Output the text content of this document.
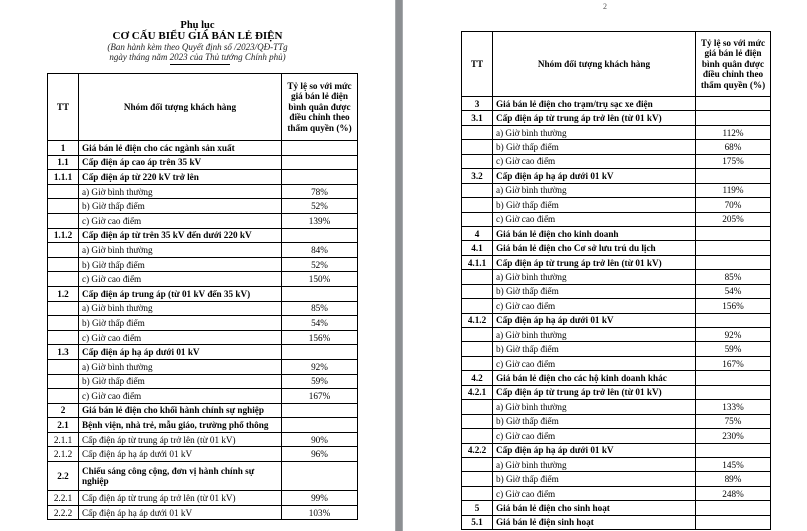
Phụ lục
CƠ CẤU BIỂU GIÁ BÁN LẺ ĐIỆN
(Ban hành kèm theo Quyết định số /2023/QĐ-TTg
ngày tháng năm 2023 của Thủ tướng Chính phủ)
TT	Nhóm đối tượng khách hàng	Tỷ lệ so với mức giá bán lẻ điện bình quân được điều chỉnh theo thẩm quyền (%)
1	Giá bán lẻ điện cho các ngành sản xuất	
1.1	Cấp điện áp cao áp trên 35 kV	
1.1.1	Cấp điện áp từ 220 kV trở lên	
	a) Giờ bình thường	78%
	b) Giờ thấp điểm	52%
	c) Giờ cao điểm	139%
1.1.2	Cấp điện áp từ trên 35 kV đến dưới 220 kV	
	a) Giờ bình thường	84%
	b) Giờ thấp điểm	52%
	c) Giờ cao điểm	150%
1.2	Cấp điện áp trung áp (từ 01 kV đến 35 kV)	
	a) Giờ bình thường	85%
	b) Giờ thấp điểm	54%
	c) Giờ cao điểm	156%
1.3	Cấp điện áp hạ áp dưới 01 kV	
	a) Giờ bình thường	92%
	b) Giờ thấp điểm	59%
	c) Giờ cao điểm	167%
2	Giá bán lẻ điện cho khối hành chính sự nghiệp	
2.1	Bệnh viện, nhà trẻ, mẫu giáo, trường phổ thông	
2.1.1	Cấp điện áp từ trung áp trở lên (từ 01 kV)	90%
2.1.2	Cấp điện áp hạ áp dưới 01 kV	96%
2.2	Chiếu sáng công cộng, đơn vị hành chính sự nghiệp	
2.2.1	Cấp điện áp từ trung áp trở lên (từ 01 kV)	99%
2.2.2	Cấp điện áp hạ áp dưới 01 kV	103%
2
TT	Nhóm đối tượng khách hàng	Tỷ lệ so với mức giá bán lẻ điện bình quân được điều chỉnh theo thẩm quyền (%)
3	Giá bán lẻ điện cho trạm/trụ sạc xe điện	
3.1	Cấp điện áp từ trung áp trở lên (từ 01 kV)	
	a) Giờ bình thường	112%
	b) Giờ thấp điểm	68%
	c) Giờ cao điểm	175%
3.2	Cấp điện áp hạ áp dưới 01 kV	
	a) Giờ bình thường	119%
	b) Giờ thấp điểm	70%
	c) Giờ cao điểm	205%
4	Giá bán lẻ điện cho kinh doanh	
4.1	Giá bán lẻ điện cho Cơ sở lưu trú du lịch	
4.1.1	Cấp điện áp từ trung áp trở lên (từ 01 kV)	
	a) Giờ bình thường	85%
	b) Giờ thấp điểm	54%
	c) Giờ cao điểm	156%
4.1.2	Cấp điện áp hạ áp dưới 01 kV	
	a) Giờ bình thường	92%
	b) Giờ thấp điểm	59%
	c) Giờ cao điểm	167%
4.2	Giá bán lẻ điện cho các hộ kinh doanh khác	
4.2.1	Cấp điện áp từ trung áp trở lên (từ 01 kV)	
	a) Giờ bình thường	133%
	b) Giờ thấp điểm	75%
	c) Giờ cao điểm	230%
4.2.2	Cấp điện áp hạ áp dưới 01 kV	
	a) Giờ bình thường	145%
	b) Giờ thấp điểm	89%
	c) Giờ cao điểm	248%
5	Giá bán lẻ điện cho sinh hoạt	
5.1	Giá bán lẻ điện sinh hoạt	
